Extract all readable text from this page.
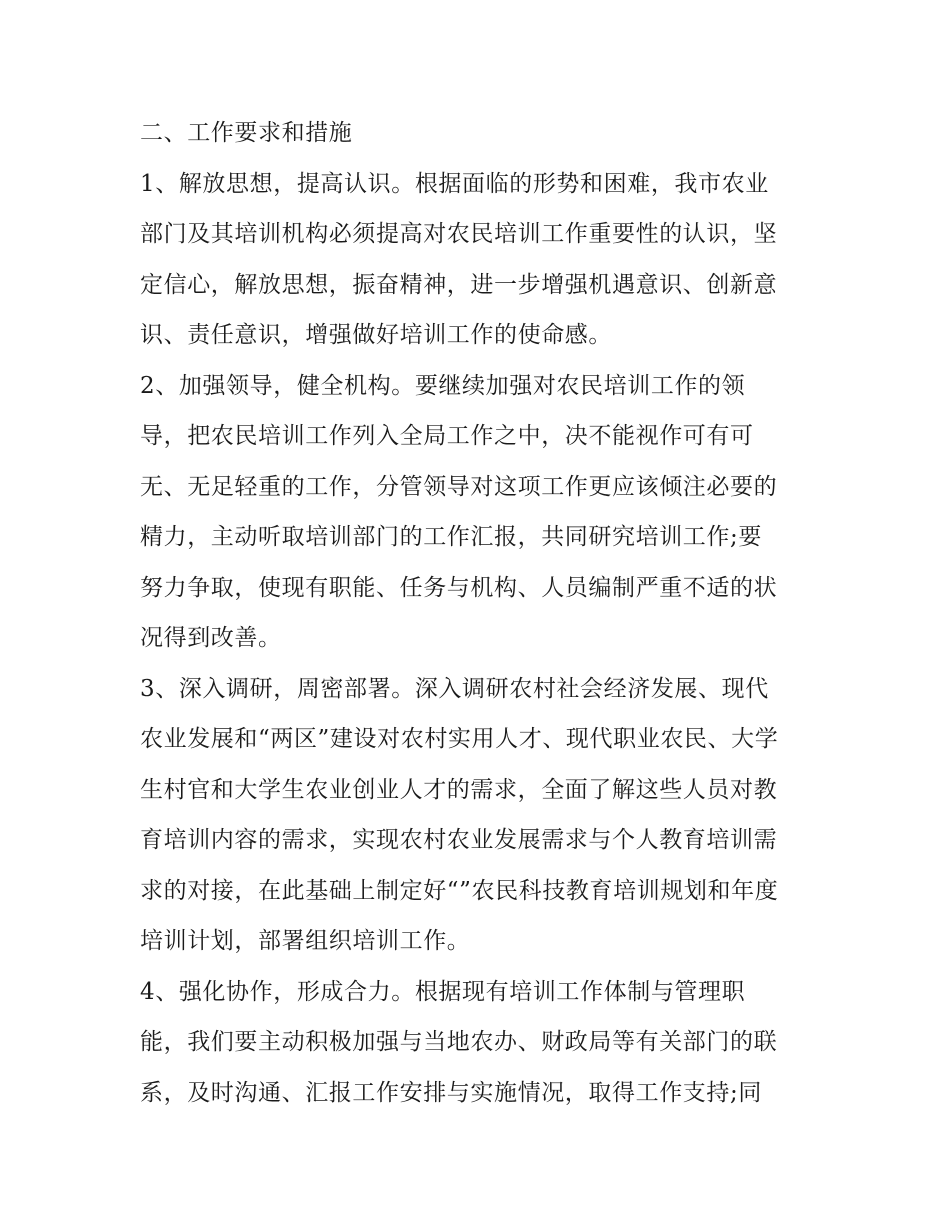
二、工作要求和措施
1、解放思想，提高认识。根据面临的形势和困难，我市农业
部门及其培训机构必须提高对农民培训工作重要性的认识，坚
定信心，解放思想，振奋精神，进一步增强机遇意识、创新意
识、责任意识，增强做好培训工作的使命感。
2、加强领导，健全机构。要继续加强对农民培训工作的领
导，把农民培训工作列入全局工作之中，决不能视作可有可
无、无足轻重的工作，分管领导对这项工作更应该倾注必要的
精力，主动听取培训部门的工作汇报，共同研究培训工作;要
努力争取，使现有职能、任务与机构、人员编制严重不适的状
况得到改善。
3、深入调研，周密部署。深入调研农村社会经济发展、现代
农业发展和“两区”建设对农村实用人才、现代职业农民、大学
生村官和大学生农业创业人才的需求，全面了解这些人员对教
育培训内容的需求，实现农村农业发展需求与个人教育培训需
求的对接，在此基础上制定好“”农民科技教育培训规划和年度
培训计划，部署组织培训工作。
4、强化协作，形成合力。根据现有培训工作体制与管理职
能，我们要主动积极加强与当地农办、财政局等有关部门的联
系，及时沟通、汇报工作安排与实施情况，取得工作支持;同
